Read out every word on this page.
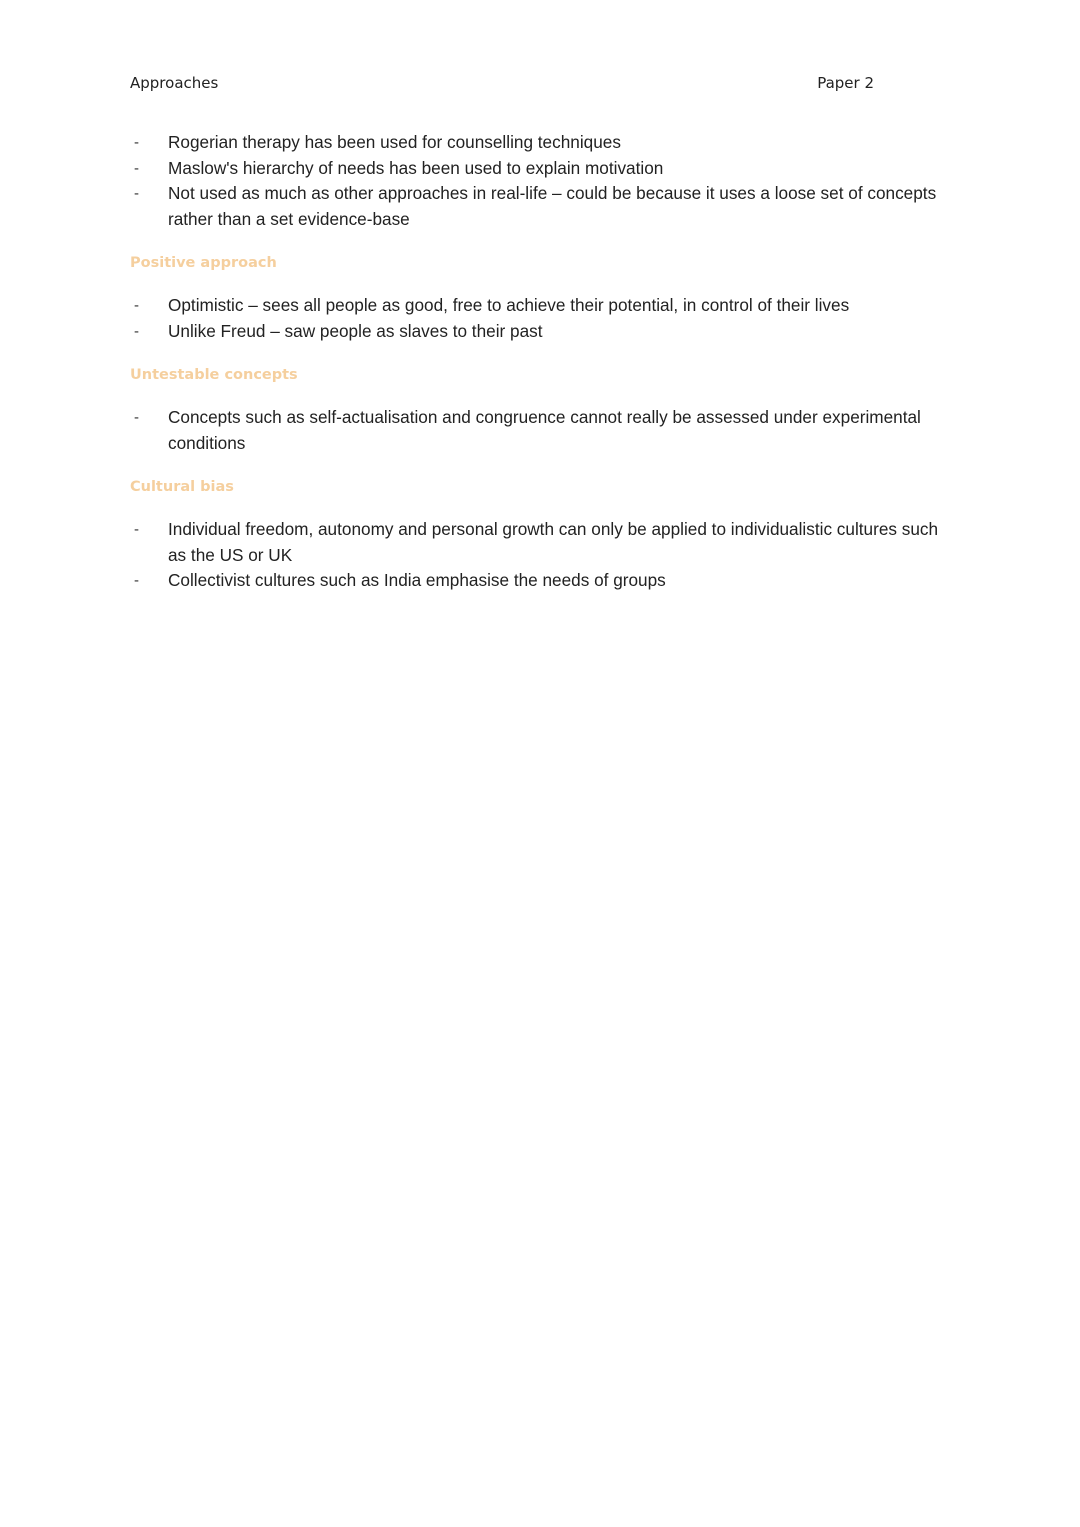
Approaches	Paper 2
- Rogerian therapy has been used for counselling techniques
- Maslow's hierarchy of needs has been used to explain motivation
- Not used as much as other approaches in real-life – could be because it uses a loose set of concepts rather than a set evidence-base
Positive approach
- Optimistic – sees all people as good, free to achieve their potential, in control of their lives
- Unlike Freud – saw people as slaves to their past
Untestable concepts
- Concepts such as self-actualisation and congruence cannot really be assessed under experimental conditions
Cultural bias
- Individual freedom, autonomy and personal growth can only be applied to individualistic cultures such as the US or UK
- Collectivist cultures such as India emphasise the needs of groups
